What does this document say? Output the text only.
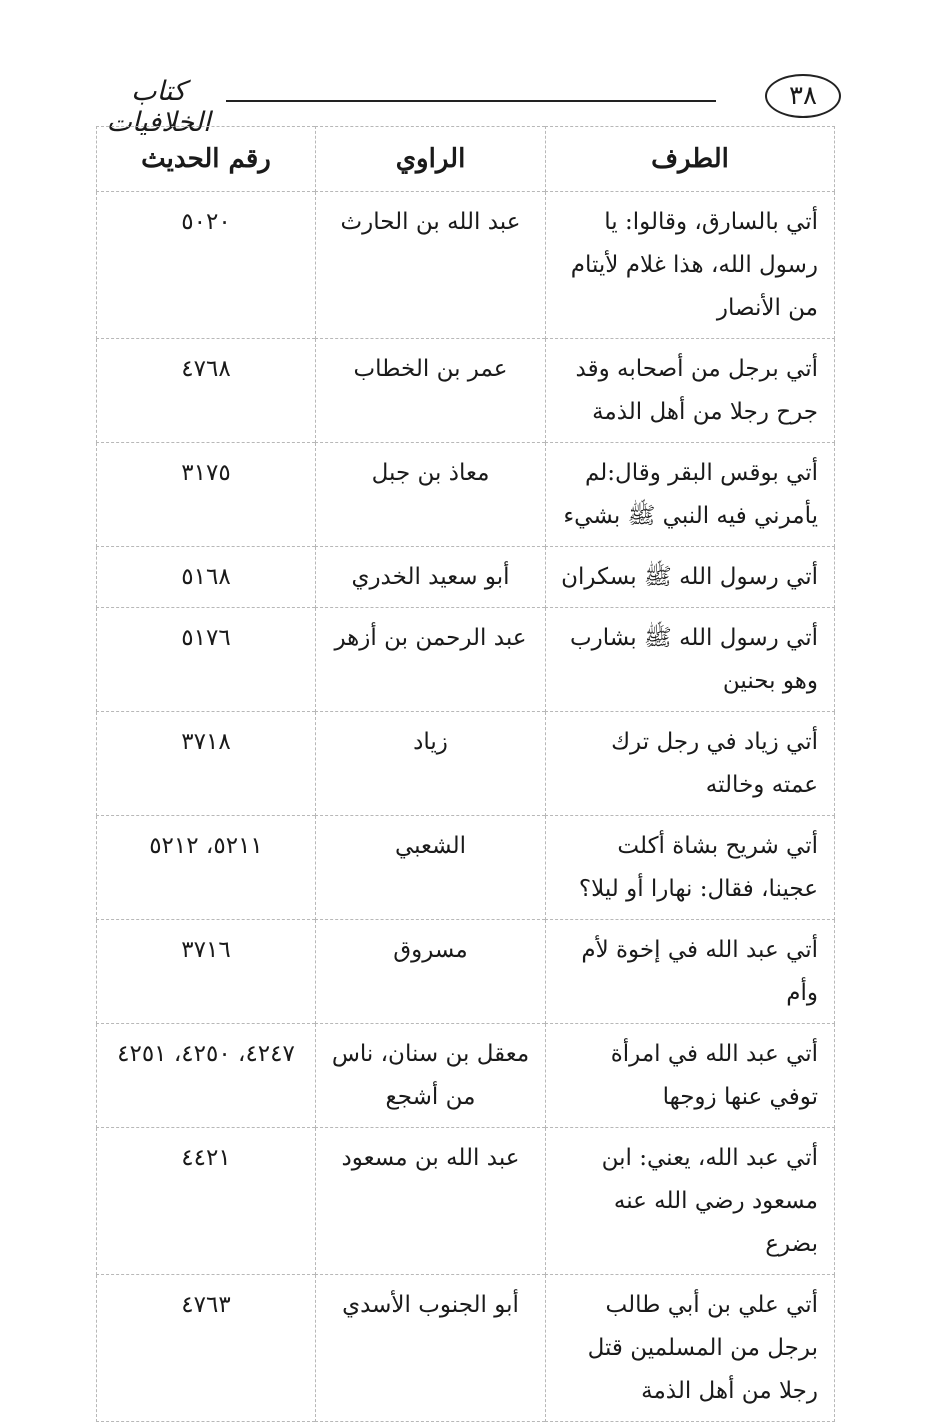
كتاب الخلافيات
٣٨
الطرف	الراوي	رقم الحديث
أتي بالسارق، وقالوا: يا رسول الله، هذا غلام لأيتام من الأنصار	عبد الله بن الحارث	٥٠٢٠
أتي برجل من أصحابه وقد جرح رجلا من أهل الذمة	عمر بن الخطاب	٤٧٦٨
أتي بوقس البقر وقال:لم يأمرني فيه النبي ﷺ بشيء	معاذ بن جبل	٣١٧٥
أتي رسول الله ﷺ بسكران	أبو سعيد الخدري	٥١٦٨
أتي رسول الله ﷺ بشارب وهو بحنين	عبد الرحمن بن أزهر	٥١٧٦
أتي زياد في رجل ترك عمته وخالته	زياد	٣٧١٨
أتي شريح بشاة أكلت عجينا، فقال: نهارا أو ليلا؟	الشعبي	٥٢١١، ٥٢١٢
أتي عبد الله في إخوة لأم وأم	مسروق	٣٧١٦
أتي عبد الله في امرأة توفي عنها زوجها	معقل بن سنان، ناس من أشجع	٤٢٤٧، ٤٢٥٠، ٤٢٥١
أتي عبد الله، يعني: ابن مسعود رضي الله عنه بضرع	عبد الله بن مسعود	٤٤٢١
أتي علي بن أبي طالب برجل من المسلمين قتل رجلا من أهل الذمة	أبو الجنوب الأسدي	٤٧٦٣
